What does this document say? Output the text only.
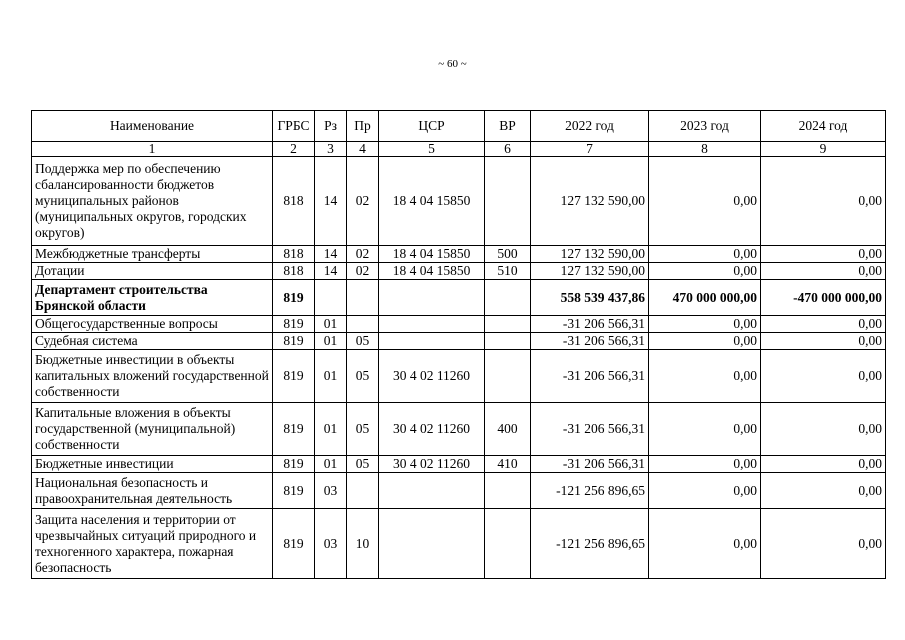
~ 60 ~
Наименование	ГРБС	Рз	Пр	ЦСР	ВР	2022 год	2023 год	2024 год
1	2	3	4	5	6	7	8	9
Поддержка мер по обеспечению сбалансированности бюджетов муниципальных районов (муниципальных округов, городских округов)	818	14	02	18 4 04 15850		127 132 590,00	0,00	0,00
Межбюджетные трансферты	818	14	02	18 4 04 15850	500	127 132 590,00	0,00	0,00
Дотации	818	14	02	18 4 04 15850	510	127 132 590,00	0,00	0,00
Департамент строительства Брянской области	819					558 539 437,86	470 000 000,00	-470 000 000,00
Общегосударственные вопросы	819	01				-31 206 566,31	0,00	0,00
Судебная система	819	01	05			-31 206 566,31	0,00	0,00
Бюджетные инвестиции в объекты капитальных вложений государственной собственности	819	01	05	30 4 02 11260		-31 206 566,31	0,00	0,00
Капитальные вложения в объекты государственной (муниципальной) собственности	819	01	05	30 4 02 11260	400	-31 206 566,31	0,00	0,00
Бюджетные инвестиции	819	01	05	30 4 02 11260	410	-31 206 566,31	0,00	0,00
Национальная безопасность и правоохранительная деятельность	819	03				-121 256 896,65	0,00	0,00
Защита населения и территории от чрезвычайных ситуаций природного и техногенного характера, пожарная безопасность	819	03	10			-121 256 896,65	0,00	0,00
